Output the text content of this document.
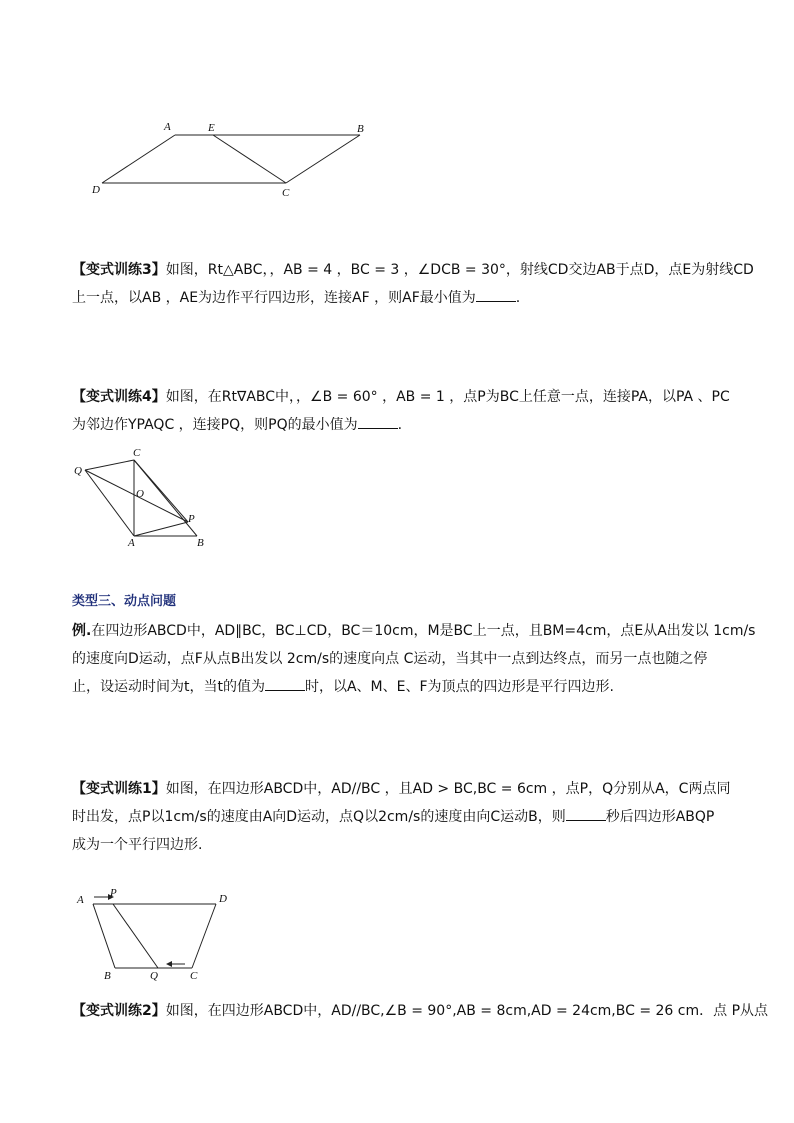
A	E	B
D	C

【变式训练3】如图，Rt△ABC，，AB = 4 ，BC = 3 ，∠DCB = 30°，射线CD交边AB于点D，点E为射线CD

上一点，以AB ，AE为边作平行四边形，连接AF ，则AF最小值为	.

【变式训练4】如图，在Rt∇ABC中，，∠B = 60° ，AB = 1 ，点P为BC上任意一点，连接PA，以PA 、PC

为邻边作YPAQC ，连接PQ，则PQ的最小值为	.

C
Q
O
P
A	B
类型三、动点问题

例.在四边形ABCD中，AD∥BC，BC⊥CD，BC＝10cm，M是BC上一点，且BM=4cm，点E从A出发以 1cm/s

的速度向D运动，点F从点B出发以 2cm/s的速度向点 C运动，当其中一点到达终点，而另一点也随之停

止，设运动时间为t，当t的值为	时，以A、M、E、F为顶点的四边形是平行四边形.

【变式训练1】如图，在四边形ABCD中，AD//BC ，且AD > BC,BC = 6cm ，点P，Q分别从A，C两点同

时出发，点P以1cm/s的速度由A向D运动，点Q以2cm/s的速度由向C运动B，则	秒后四边形ABQP

成为一个平行四边形.

A
P	D
B	Q	C

【变式训练2】如图，在四边形ABCD中，AD//BC,∠B = 90°,AB = 8cm,AD = 24cm,BC = 26 cm．点 P从点
